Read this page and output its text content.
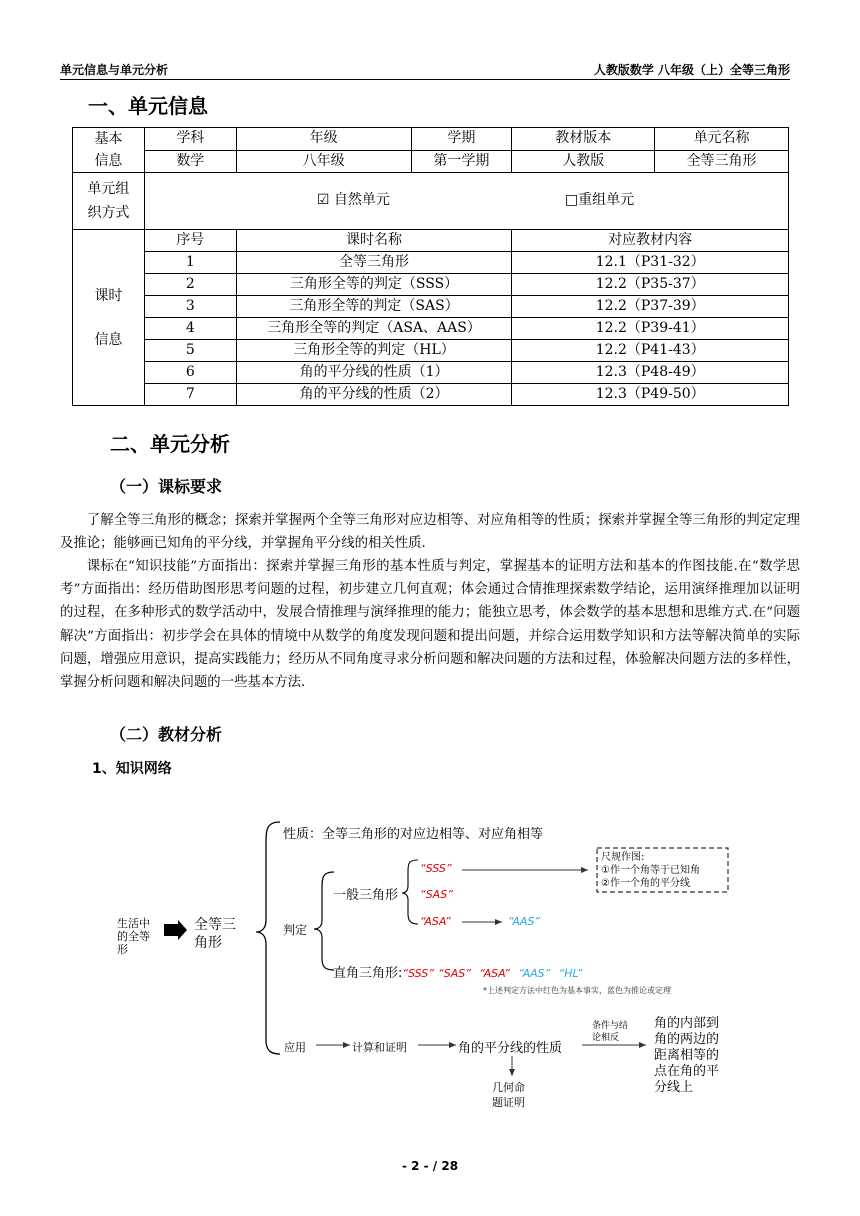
单元信息与单元分析	人教版数学 八年级（上）全等三角形
一、单元信息
基本
信息	学科	年级	学期	教材版本	单元名称
	数学	八年级	第一学期	人教版	全等三角形
单元组
织方式	☑ 自然单元 □重组单元				

课时

信息	序号	课时名称		对应教材内容	
	1	全等三角形		12.1（P31-32）	
	2	三角形全等的判定（SSS）		12.2（P35-37）	
	3	三角形全等的判定（SAS）		12.2（P37-39）	
	4	三角形全等的判定（ASA、AAS）		12.2（P39-41）	
	5	三角形全等的判定（HL）		12.2（P41-43）	
	6	角的平分线的性质（1）		12.3（P48-49）	
	7	角的平分线的性质（2）		12.3（P49-50）	
二、单元分析
（一）课标要求

了解全等三角形的概念；探索并掌握两个全等三角形对应边相等、对应角相等的性质；探索并掌握全等三角形的判定定理及推论；能够画已知角的平分线，并掌握角平分线的相关性质.

课标在“知识技能”方面指出：探索并掌握三角形的基本性质与判定，掌握基本的证明方法和基本的作图技能.在“数学思考”方面指出：经历借助图形思考问题的过程，初步建立几何直观；体会通过合情推理探索数学结论，运用演绎推理加以证明的过程，在多种形式的数学活动中，发展合情推理与演绎推理的能力；能独立思考，体会数学的基本思想和思维方式.在“问题解决”方面指出：初步学会在具体的情境中从数学的角度发现问题和提出问题，并综合运用数学知识和方法等解决简单的实际问题，增强应用意识，提高实践能力；经历从不同角度寻求分析问题和解决问题的方法和过程，体验解决问题方法的多样性，掌握分析问题和解决问题的一些基本方法.

（二）教材分析
1、知识网络
生活中
的全等
形
全等三
角形
性质：全等三角形的对应边相等、对应角相等
判定
一般三角形
“SSS”
“SAS”
“ASA”	“AAS”
尺规作图:
①作一个角等于已知角
②作一个角的平分线
直角三角形:“SSS” “SAS” “ASA” “AAS” “HL”
*上述判定方法中红色为基本事实，蓝色为推论或定理
应用	计算和证明	角的平分线的性质
条件与结
论相反
角的内部到
角的两边的
距离相等的
点在角的平
分线上
几何命
题证明
- 2 - / 28
